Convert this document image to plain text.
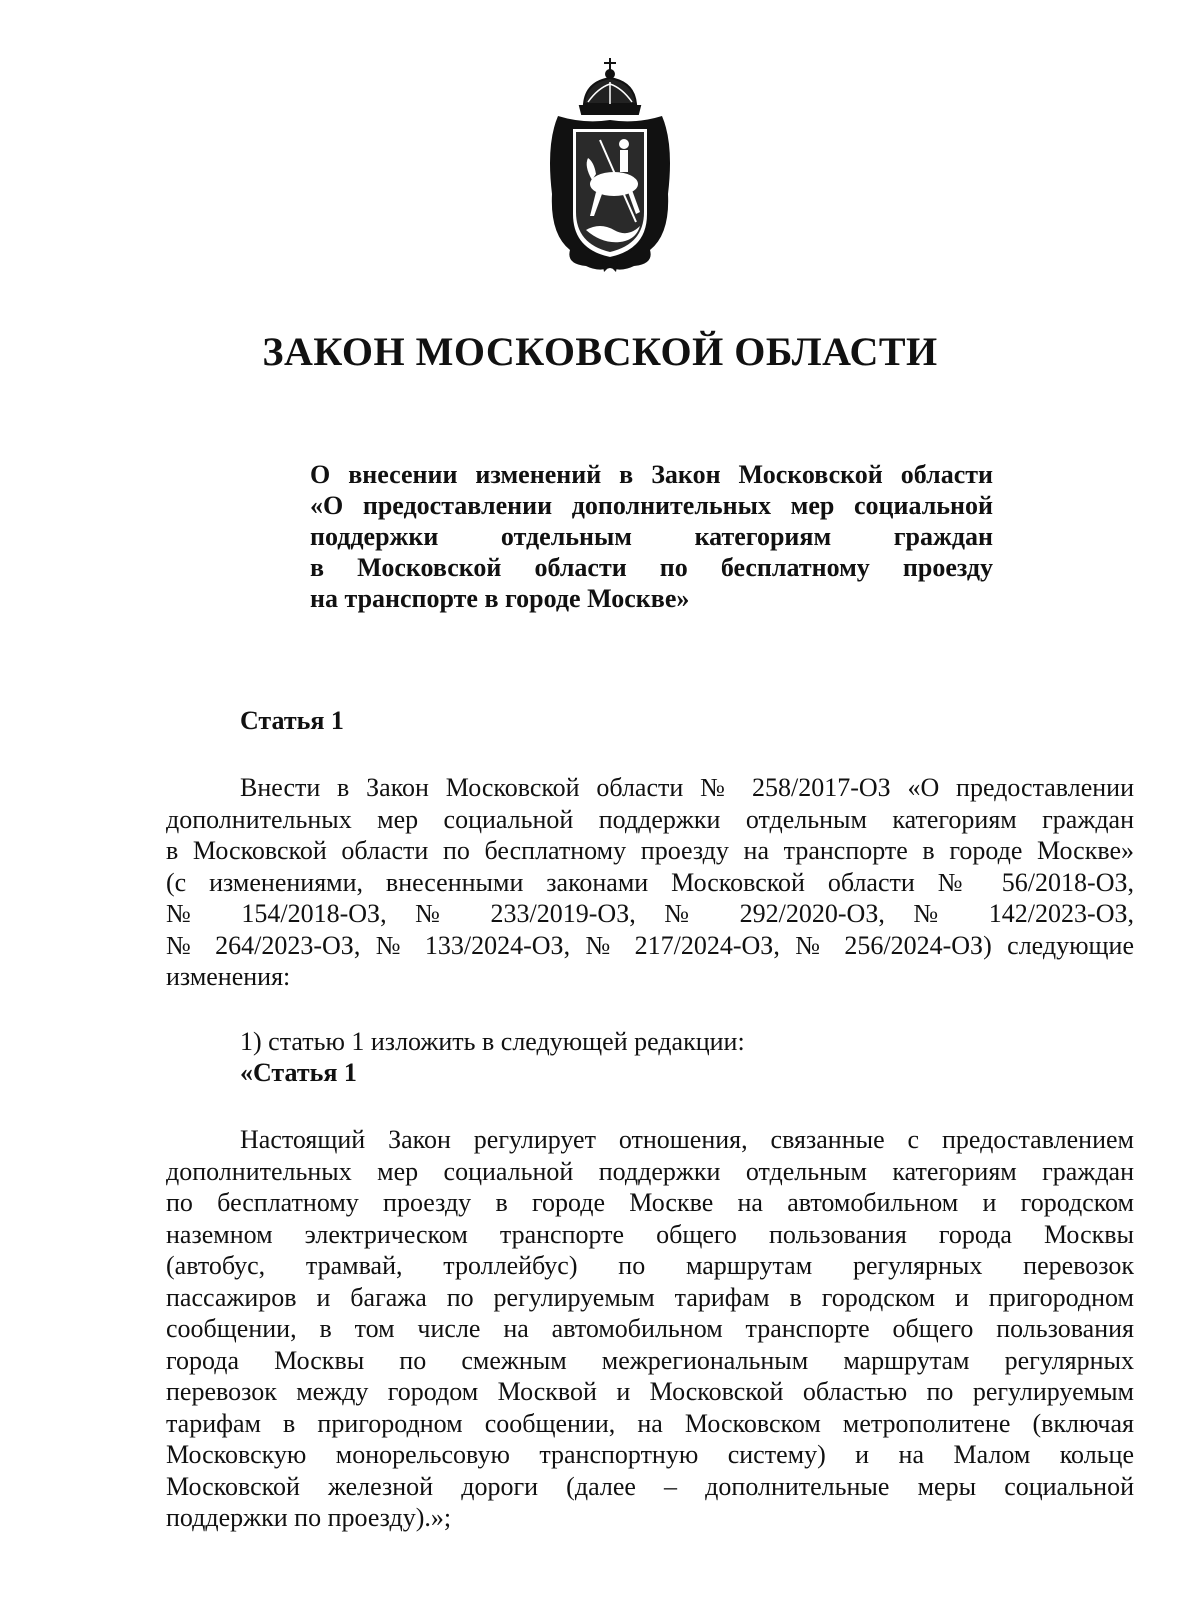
ЗАКОН МОСКОВСКОЙ ОБЛАСТИ
О внесении изменений в Закон Московской области
«О предоставлении дополнительных мер социальной
поддержки отдельным категориям граждан
в Московской области по бесплатному проезду
на транспорте в городе Москве»
Статья 1
Внести в Закон Московской области № 258/2017-ОЗ «О предоставлении
дополнительных мер социальной поддержки отдельным категориям граждан
в Московской области по бесплатному проезду на транспорте в городе Москве»
(с изменениями, внесенными законами Московской области № 56/2018-ОЗ,
№ 154/2018-ОЗ, № 233/2019-ОЗ, № 292/2020-ОЗ, № 142/2023-ОЗ,
№ 264/2023-ОЗ, № 133/2024-ОЗ, № 217/2024-ОЗ, № 256/2024-ОЗ) следующие
изменения:

1) статью 1 изложить в следующей редакции:

«Статья 1

Настоящий Закон регулирует отношения, связанные с предоставлением
дополнительных мер социальной поддержки отдельным категориям граждан
по бесплатному проезду в городе Москве на автомобильном и городском
наземном электрическом транспорте общего пользования города Москвы
(автобус, трамвай, троллейбус) по маршрутам регулярных перевозок
пассажиров и багажа по регулируемым тарифам в городском и пригородном
сообщении, в том числе на автомобильном транспорте общего пользования
города Москвы по смежным межрегиональным маршрутам регулярных
перевозок между городом Москвой и Московской областью по регулируемым
тарифам в пригородном сообщении, на Московском метрополитене (включая
Московскую монорельсовую транспортную систему) и на Малом кольце
Московской железной дороги (далее – дополнительные меры социальной
поддержки по проезду).»;
